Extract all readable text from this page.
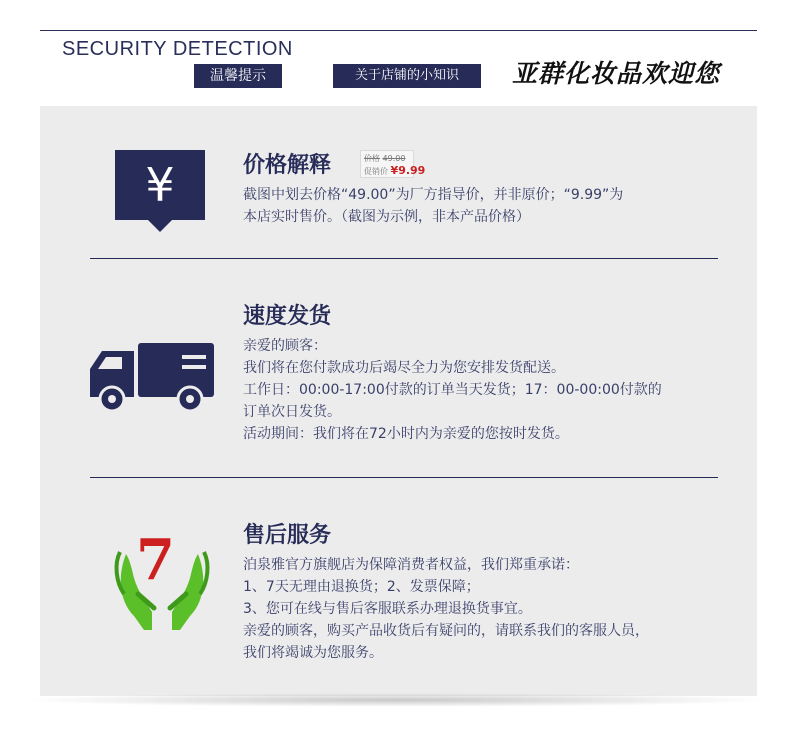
SECURITY DETECTION
温馨提示	关于店铺的小知识	亚群化妆品欢迎您
¥	价格解释	价格 49.00
促销价 ¥9.99
截图中划去价格“49.00”为厂方指导价，并非原价；“9.99”为
本店实时售价。（截图为示例，非本产品价格）
速度发货
亲爱的顾客：
我们将在您付款成功后竭尽全力为您安排发货配送。
工作日：00:00-17:00付款的订单当天发货；17：00-00:00付款的
订单次日发货。
活动期间：我们将在72小时内为亲爱的您按时发货。
7	售后服务
泊泉雅官方旗舰店为保障消费者权益，我们郑重承诺：
1、7天无理由退换货；2、发票保障；
3、您可在线与售后客服联系办理退换货事宜。
亲爱的顾客，购买产品收货后有疑问的，请联系我们的客服人员，
我们将竭诚为您服务。
